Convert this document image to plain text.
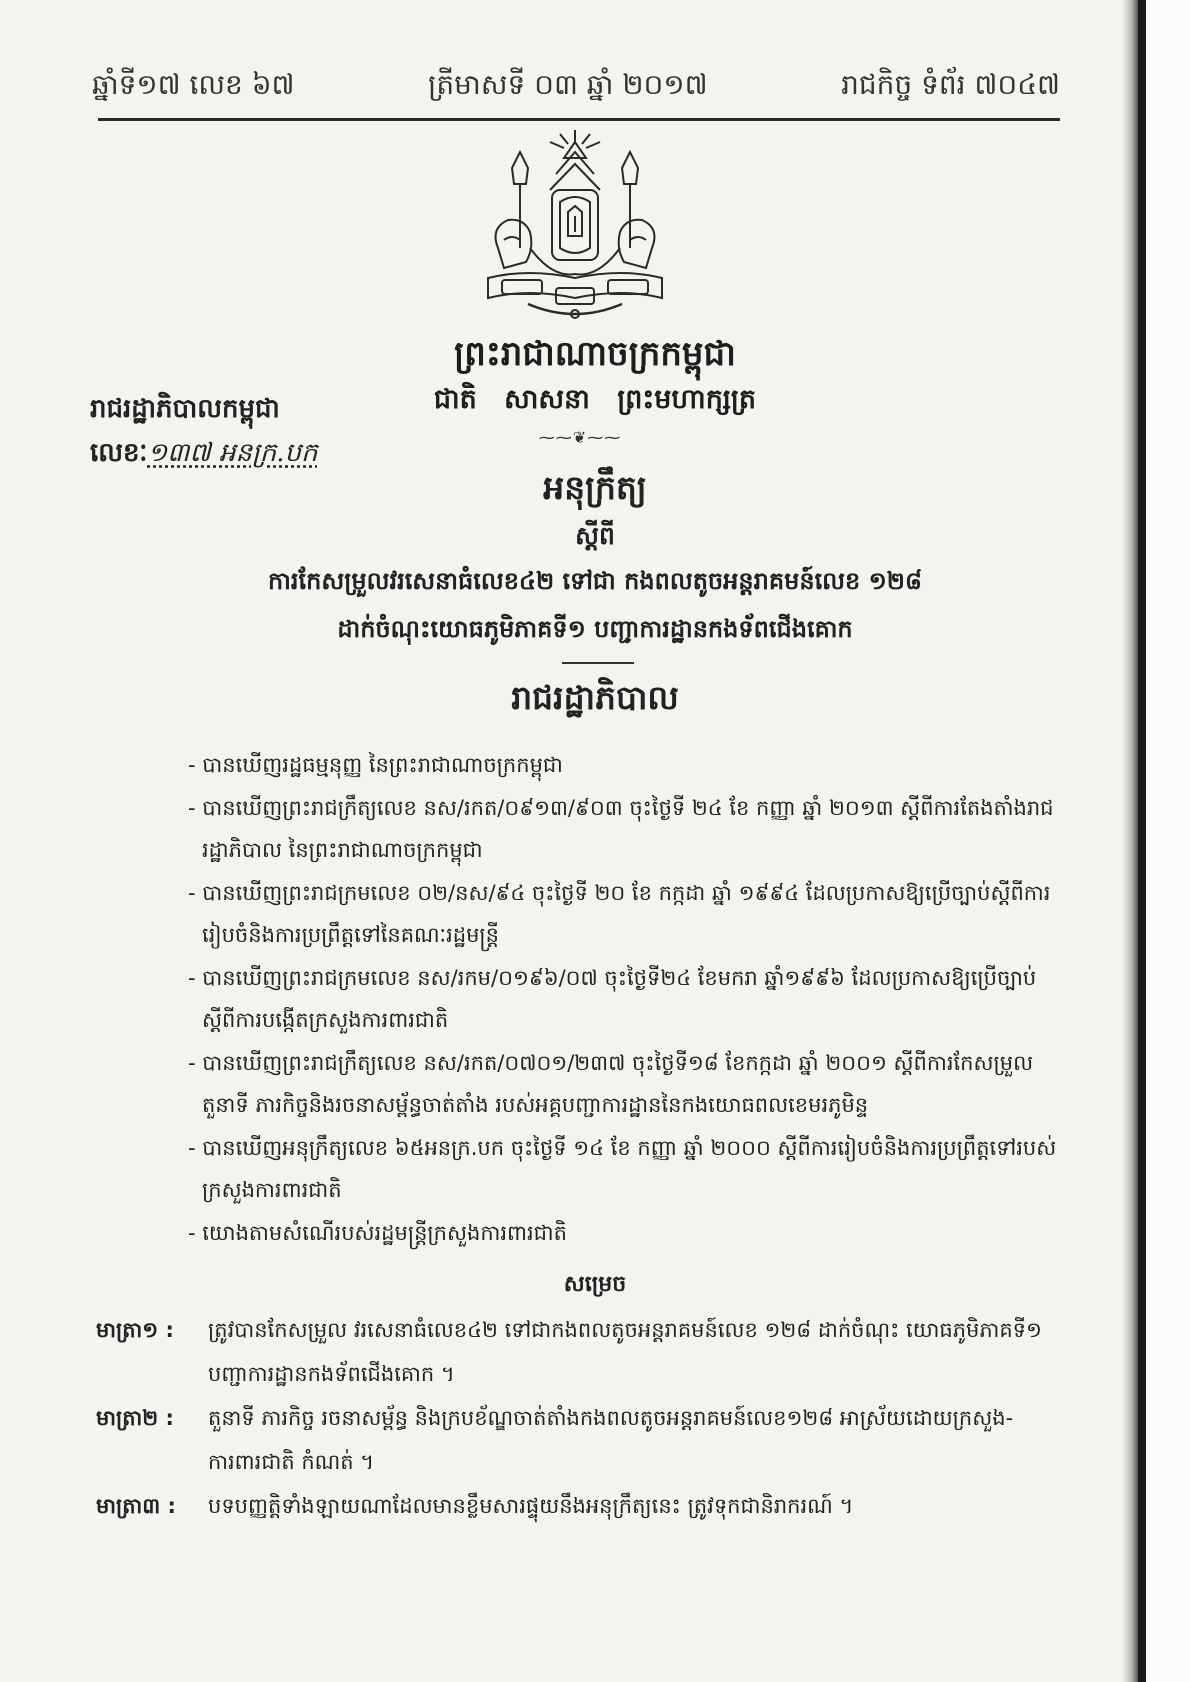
ឆ្នាំទី១៧ លេខ ៦៧	ត្រីមាសទី ០៣ ឆ្នាំ ២០១៧	រាជកិច្ច ទំព័រ ៧០៤៧
ព្រះរាជាណាចក្រកម្ពុជា
ជាតិ សាសនា ព្រះមហាក្សត្រ
⁓⁓❦⁓⁓
រាជរដ្ឋាភិបាលកម្ពុជា
លេខៈ១៣៧ អនក្រ.បក
អនុក្រឹត្យ
ស្តីពី
ការកែសម្រួលវរសេនាធំលេខ៤២ ទៅជា កងពលតូចអន្តរាគមន៍លេខ ១២៨
ដាក់ចំណុះយោធភូមិភាគទី១ បញ្ជាការដ្ឋានកងទ័ពជើងគោក
រាជរដ្ឋាភិបាល
- បានឃើញរដ្ឋធម្មនុញ្ញ នៃព្រះរាជាណាចក្រកម្ពុជា
- បានឃើញព្រះរាជក្រឹត្យលេខ នស/រកត/០៩១៣/៩០៣ ចុះថ្ងៃទី ២៤ ខែ កញ្ញា ឆ្នាំ ២០១៣ ស្តីពីការតែងតាំងរាជរដ្ឋាភិបាល នៃព្រះរាជាណាចក្រកម្ពុជា
- បានឃើញព្រះរាជក្រមលេខ ០២/នស/៩៤ ចុះថ្ងៃទី ២០ ខែ កក្កដា ឆ្នាំ ១៩៩៤ ដែលប្រកាសឱ្យប្រើច្បាប់ស្តីពីការរៀបចំនិងការប្រព្រឹត្តទៅនៃគណៈរដ្ឋមន្ត្រី
- បានឃើញព្រះរាជក្រមលេខ នស/រកម/០១៩៦/០៧ ចុះថ្ងៃទី២៤ ខែមករា ឆ្នាំ១៩៩៦ ដែលប្រកាសឱ្យប្រើច្បាប់ស្តីពីការបង្កើតក្រសួងការពារជាតិ
- បានឃើញព្រះរាជក្រឹត្យលេខ នស/រកត/០៧០១/២៣៧ ចុះថ្ងៃទី១៨ ខែកក្កដា ឆ្នាំ ២០០១ ស្តីពីការកែសម្រួលតួនាទី ភារកិច្ចនិងរចនាសម្ព័ន្ធចាត់តាំង របស់អគ្គបញ្ជាការដ្ឋាននៃកងយោធពលខេមរភូមិន្ទ
- បានឃើញអនុក្រឹត្យលេខ ៦៥អនក្រ.បក ចុះថ្ងៃទី ១៤ ខែ កញ្ញា ឆ្នាំ ២០០០ ស្តីពីការរៀបចំនិងការប្រព្រឹត្តទៅរបស់ក្រសួងការពារជាតិ
- យោងតាមសំណើរបស់រដ្ឋមន្ត្រីក្រសួងការពារជាតិ
សម្រេច
មាត្រា១ :	ត្រូវបានកែសម្រួល វរសេនាធំលេខ៤២ ទៅជាកងពលតូចអន្តរាគមន៍លេខ ១២៨ ដាក់ចំណុះ យោធភូមិភាគទី១ បញ្ជាការដ្ឋានកងទ័ពជើងគោក ។
មាត្រា២ :	តួនាទី ភារកិច្ច រចនាសម្ព័ន្ធ និងក្របខ័ណ្ឌចាត់តាំងកងពលតូចអន្តរាគមន៍លេខ១២៨ អាស្រ័យដោយក្រសួង-ការពារជាតិ កំណត់ ។
មាត្រា៣ :	បទបញ្ញត្តិទាំងឡាយណាដែលមានខ្លឹមសារផ្ទុយនឹងអនុក្រឹត្យនេះ ត្រូវទុកជានិរាករណ៍ ។
